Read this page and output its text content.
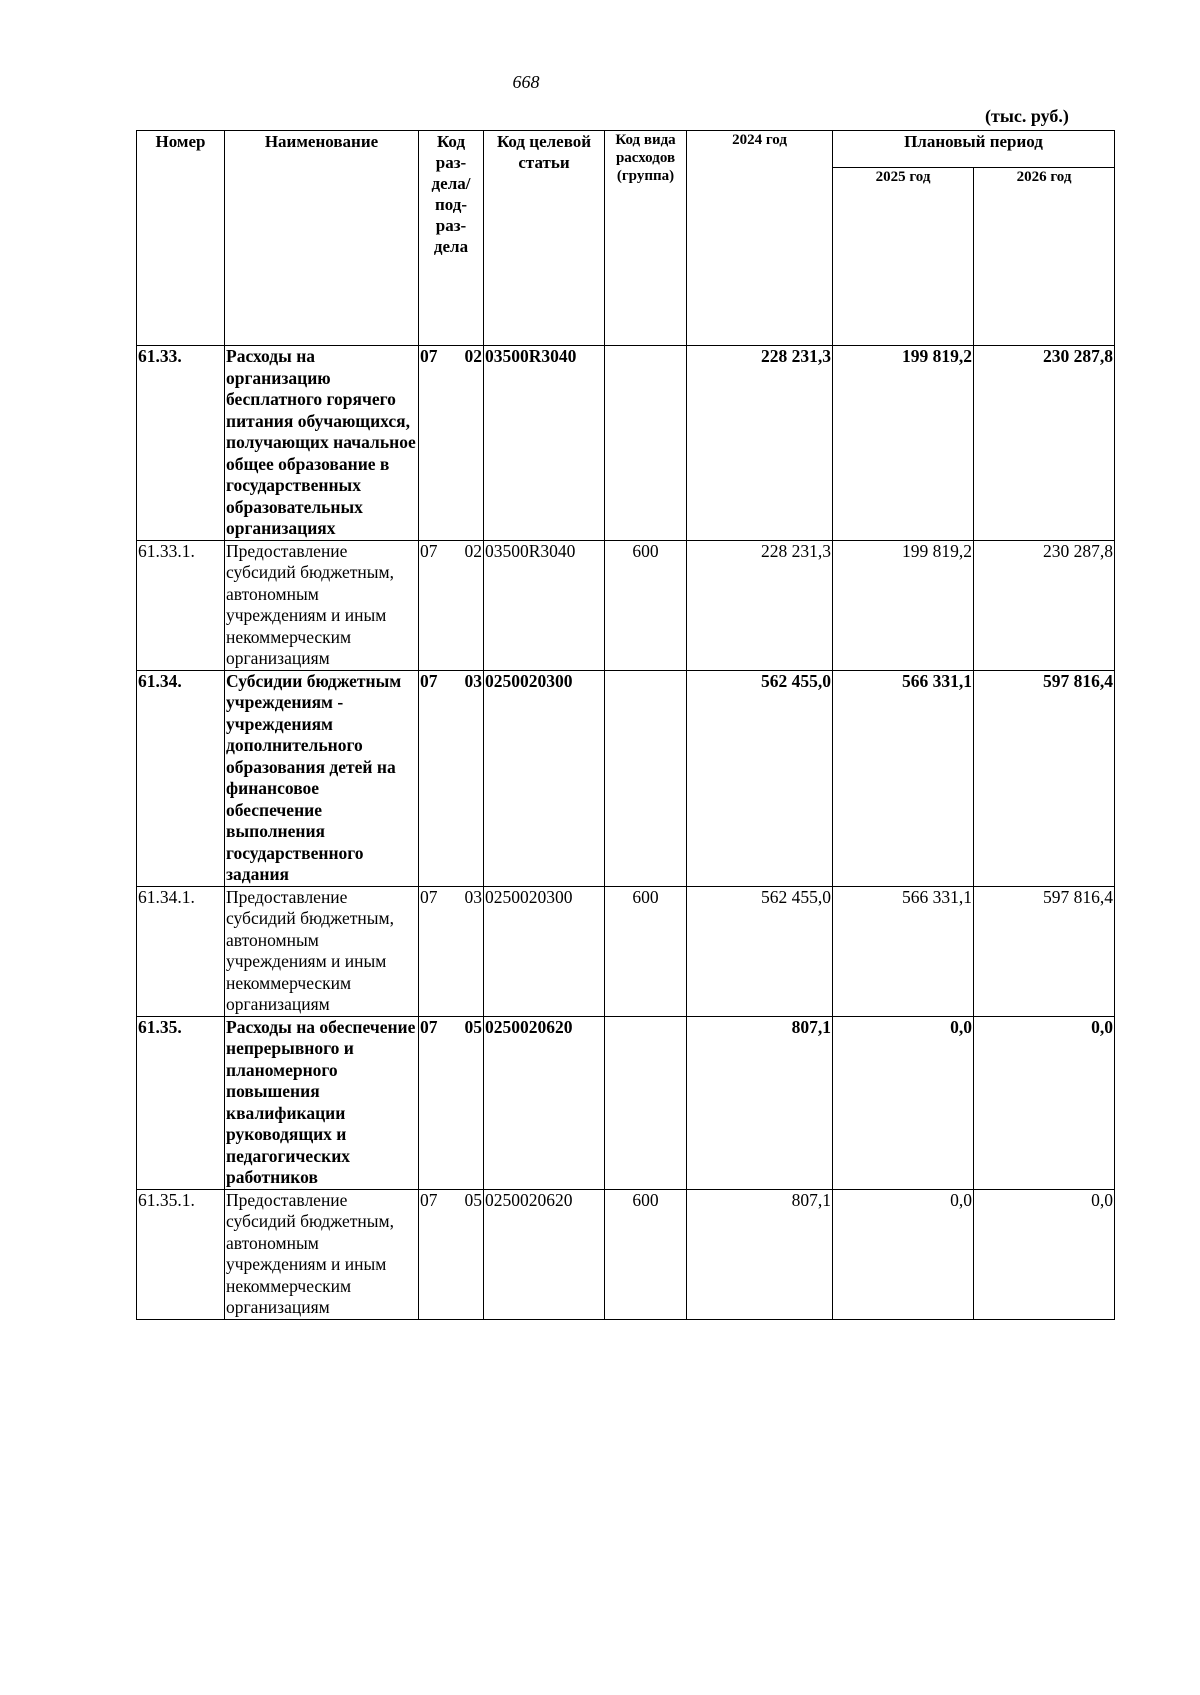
668
(тыс. руб.)
Номер	Наименование	Код раз-дела/ под-раз-дела	Код целевой статьи	Код вида расходов (группа)	2024 год	Плановый период	
						2025 год	2026 год
61.33.	Расходы на организацию бесплатного горячего питания обучающихся, получающих начальное общее образование в государственных образовательных организациях	07 02	03500R3040		228 231,3	199 819,2	230 287,8
61.33.1.	Предоставление субсидий бюджетным, автономным учреждениям и иным некоммерческим организациям	07 02	03500R3040	600	228 231,3	199 819,2	230 287,8
61.34.	Субсидии бюджетным учреждениям - учреждениям дополнительного образования детей на финансовое обеспечение выполнения государственного задания	07 03	0250020300		562 455,0	566 331,1	597 816,4
61.34.1.	Предоставление субсидий бюджетным, автономным учреждениям и иным некоммерческим организациям	07 03	0250020300	600	562 455,0	566 331,1	597 816,4
61.35.	Расходы на обеспечение непрерывного и планомерного повышения квалификации руководящих и педагогических работников	07 05	0250020620		807,1	0,0	0,0
61.35.1.	Предоставление субсидий бюджетным, автономным учреждениям и иным некоммерческим организациям	07 05	0250020620	600	807,1	0,0	0,0
